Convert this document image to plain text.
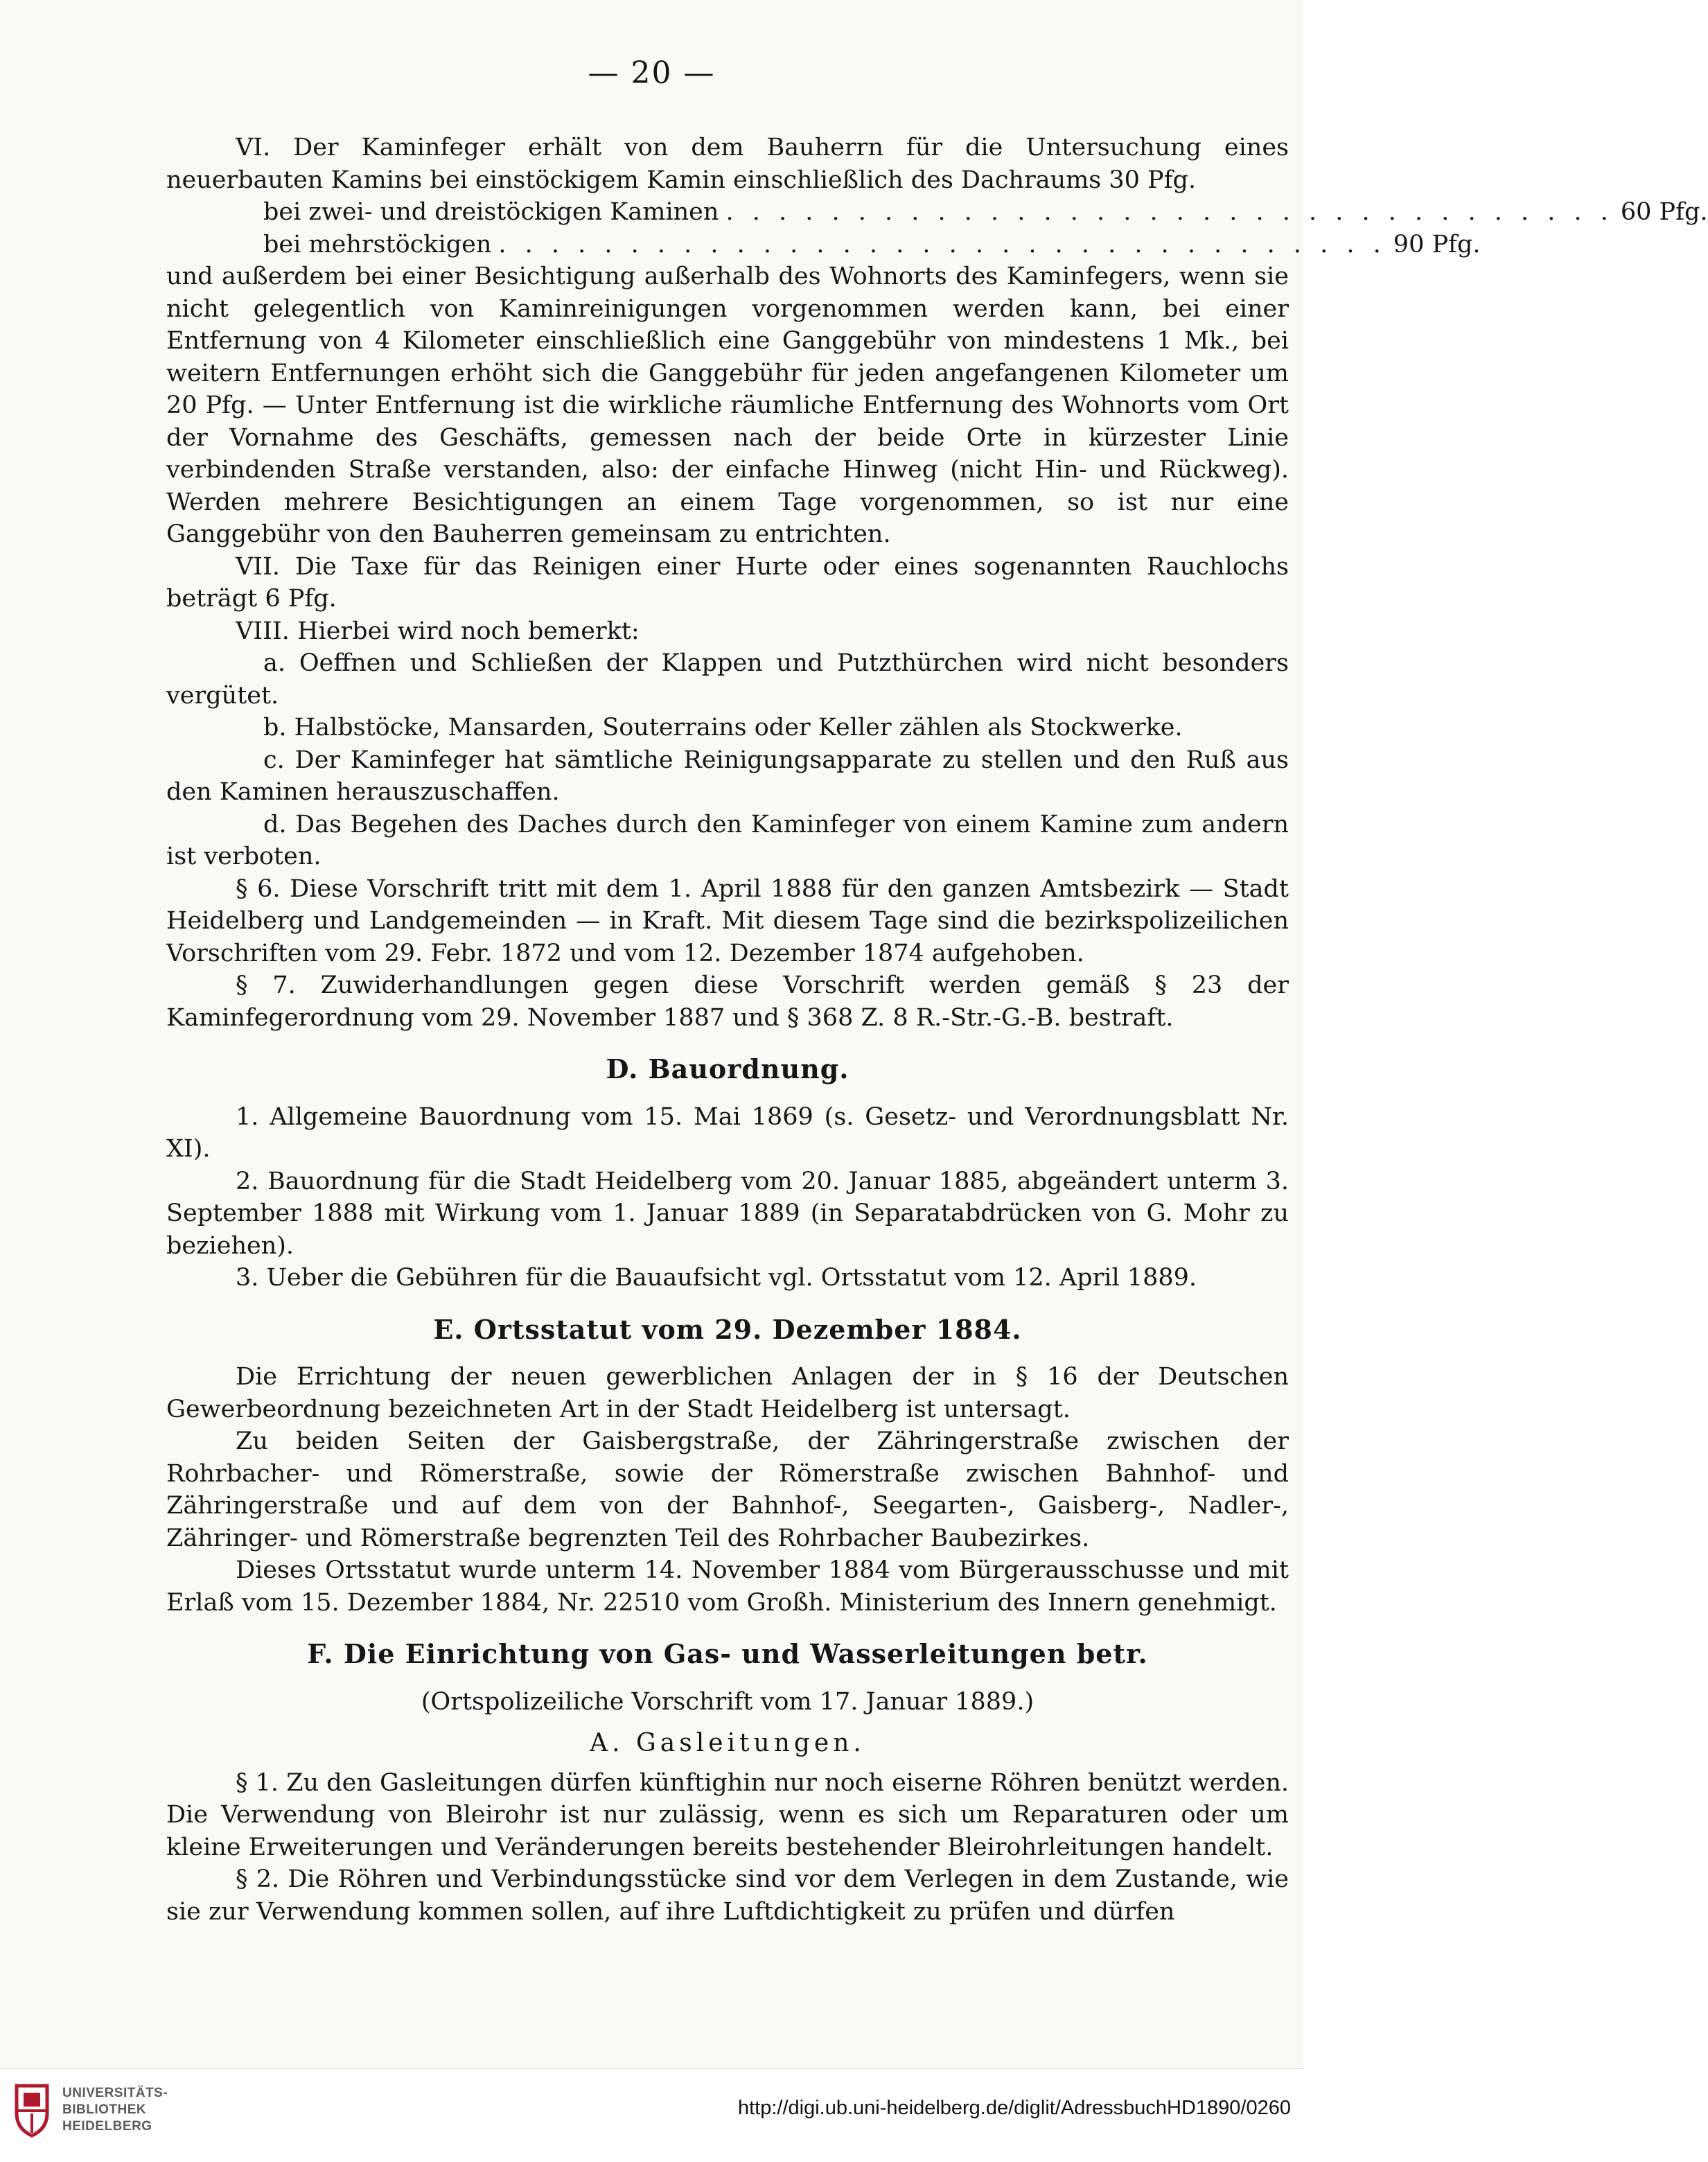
— 20 —

VI. Der Kaminfeger erhält von dem Bauherrn für die Untersuchung eines neuerbauten Kamins bei einstöckigem Kamin einschließlich des Dachraums 30 Pfg.

bei zwei- und dreistöckigen Kaminen . . . . . . . . . . . . . . . . . . . . . . . . . . . . . . . . . . 60 Pfg.
bei mehrstöckigen . . . . . . . . . . . . . . . . . . . . . . . . . . . . . . . . . . 90 Pfg.

und außerdem bei einer Besichtigung außerhalb des Wohnorts des Kaminfegers, wenn sie nicht gelegentlich von Kaminreinigungen vorgenommen werden kann, bei einer Entfernung von 4 Kilometer einschließlich eine Ganggebühr von mindestens 1 Mk., bei weitern Entfernungen erhöht sich die Ganggebühr für jeden angefangenen Kilometer um 20 Pfg. — Unter Entfernung ist die wirkliche räumliche Entfernung des Wohnorts vom Ort der Vornahme des Geschäfts, gemessen nach der beide Orte in kürzester Linie verbindenden Straße verstanden, also: der einfache Hinweg (nicht Hin- und Rückweg). Werden mehrere Besichtigungen an einem Tage vorgenommen, so ist nur eine Ganggebühr von den Bauherren gemeinsam zu entrichten.

VII. Die Taxe für das Reinigen einer Hurte oder eines sogenannten Rauchlochs beträgt 6 Pfg.

VIII. Hierbei wird noch bemerkt:

a. Oeffnen und Schließen der Klappen und Putzthürchen wird nicht besonders vergütet.

b. Halbstöcke, Mansarden, Souterrains oder Keller zählen als Stockwerke.

c. Der Kaminfeger hat sämtliche Reinigungsapparate zu stellen und den Ruß aus den Kaminen herauszuschaffen.

d. Das Begehen des Daches durch den Kaminfeger von einem Kamine zum andern ist verboten.

§ 6. Diese Vorschrift tritt mit dem 1. April 1888 für den ganzen Amtsbezirk — Stadt Heidelberg und Landgemeinden — in Kraft. Mit diesem Tage sind die bezirkspolizeilichen Vorschriften vom 29. Febr. 1872 und vom 12. Dezember 1874 aufgehoben.

§ 7. Zuwiderhandlungen gegen diese Vorschrift werden gemäß § 23 der Kaminfegerordnung vom 29. November 1887 und § 368 Z. 8 R.-Str.-G.-B. bestraft.

D. Bauordnung.

1. Allgemeine Bauordnung vom 15. Mai 1869 (s. Gesetz- und Verordnungsblatt Nr. XI).

2. Bauordnung für die Stadt Heidelberg vom 20. Januar 1885, abgeändert unterm 3. September 1888 mit Wirkung vom 1. Januar 1889 (in Separatabdrücken von G. Mohr zu beziehen).

3. Ueber die Gebühren für die Bauaufsicht vgl. Ortsstatut vom 12. April 1889.

E. Ortsstatut vom 29. Dezember 1884.

Die Errichtung der neuen gewerblichen Anlagen der in § 16 der Deutschen Gewerbeordnung bezeichneten Art in der Stadt Heidelberg ist untersagt.

Zu beiden Seiten der Gaisbergstraße, der Zähringerstraße zwischen der Rohrbacher- und Römerstraße, sowie der Römerstraße zwischen Bahnhof- und Zähringerstraße und auf dem von der Bahnhof-, Seegarten-, Gaisberg-, Nadler-, Zähringer- und Römerstraße begrenzten Teil des Rohrbacher Baubezirkes.

Dieses Ortsstatut wurde unterm 14. November 1884 vom Bürgerausschusse und mit Erlaß vom 15. Dezember 1884, Nr. 22510 vom Großh. Ministerium des Innern genehmigt.

F. Die Einrichtung von Gas- und Wasserleitungen betr.
(Ortspolizeiliche Vorschrift vom 17. Januar 1889.)
A. Gasleitungen.

§ 1. Zu den Gasleitungen dürfen künftighin nur noch eiserne Röhren benützt werden. Die Verwendung von Bleirohr ist nur zulässig, wenn es sich um Reparaturen oder um kleine Erweiterungen und Veränderungen bereits bestehender Bleirohrleitungen handelt.

§ 2. Die Röhren und Verbindungsstücke sind vor dem Verlegen in dem Zustande, wie sie zur Verwendung kommen sollen, auf ihre Luftdichtigkeit zu prüfen und dürfen

UNIVERSITÄTS-
BIBLIOTHEK
HEIDELBERG
http://digi.ub.uni-heidelberg.de/diglit/AdressbuchHD1890/0260
